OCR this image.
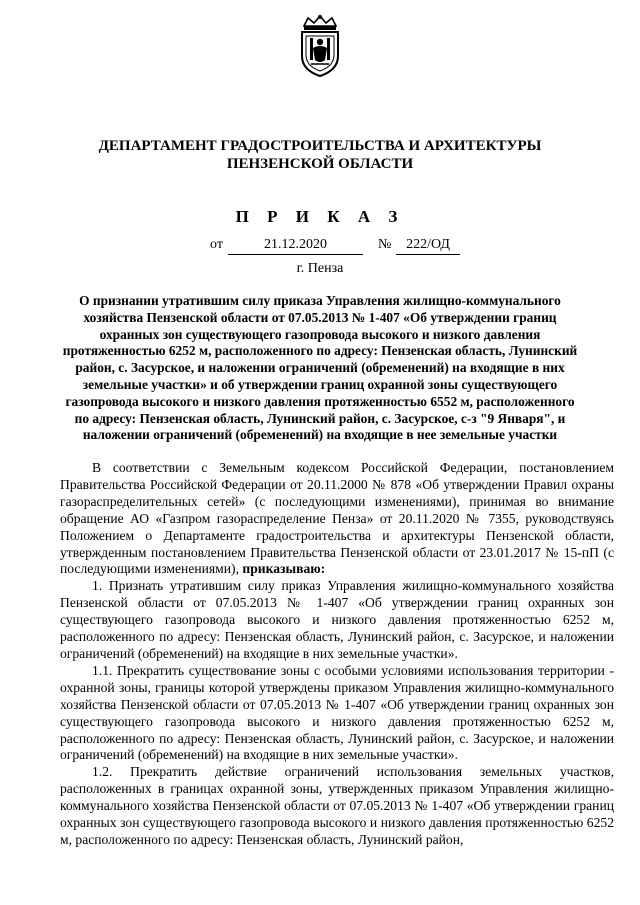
ДЕПАРТАМЕНТ ГРАДОСТРОИТЕЛЬСТВА И АРХИТЕКТУРЫ
ПЕНЗЕНСКОЙ ОБЛАСТИ
П Р И К А З
от	21.12.2020	№	222/ОД
г. Пенза
О признании утратившим силу приказа Управления жилищно-коммунального хозяйства Пензенской области от 07.05.2013 № 1-407 «Об утверждении границ охранных зон существующего газопровода высокого и низкого давления протяженностью 6252 м, расположенного по адресу: Пензенская область, Лунинский район, с. Засурское, и наложении ограничений (обременений) на входящие в них земельные участки» и об утверждении границ охранной зоны существующего газопровода высокого и низкого давления протяженностью 6552 м, расположенного по адресу: Пензенская область, Лунинский район, с. Засурское, с-з "9 Января", и наложении ограничений (обременений) на входящие в нее земельные участки

В соответствии с Земельным кодексом Российской Федерации, постановлением Правительства Российской Федерации от 20.11.2000 № 878 «Об утверждении Правил охраны газораспределительных сетей» (с последующими изменениями), принимая во внимание обращение АО «Газпром газораспределение Пенза» от 20.11.2020 № 7355, руководствуясь Положением о Департаменте градостроительства и архитектуры Пензенской области, утвержденным постановлением Правительства Пензенской области от 23.01.2017 № 15-пП (с последующими изменениями), приказываю:

1. Признать утратившим силу приказ Управления жилищно-коммунального хозяйства Пензенской области от 07.05.2013 № 1-407 «Об утверждении границ охранных зон существующего газопровода высокого и низкого давления протяженностью 6252 м, расположенного по адресу: Пензенская область, Лунинский район, с. Засурское, и наложении ограничений (обременений) на входящие в них земельные участки».

1.1. Прекратить существование зоны с особыми условиями использования территории - охранной зоны, границы которой утверждены приказом Управления жилищно-коммунального хозяйства Пензенской области от 07.05.2013 № 1-407 «Об утверждении границ охранных зон существующего газопровода высокого и низкого давления протяженностью 6252 м, расположенного по адресу: Пензенская область, Лунинский район, с. Засурское, и наложении ограничений (обременений) на входящие в них земельные участки».

1.2. Прекратить действие ограничений использования земельных участков, расположенных в границах охранной зоны, утвержденных приказом Управления жилищно-коммунального хозяйства Пензенской области от 07.05.2013 № 1-407 «Об утверждении границ охранных зон существующего газопровода высокого и низкого давления протяженностью 6252 м, расположенного по адресу: Пензенская область, Лунинский район,
